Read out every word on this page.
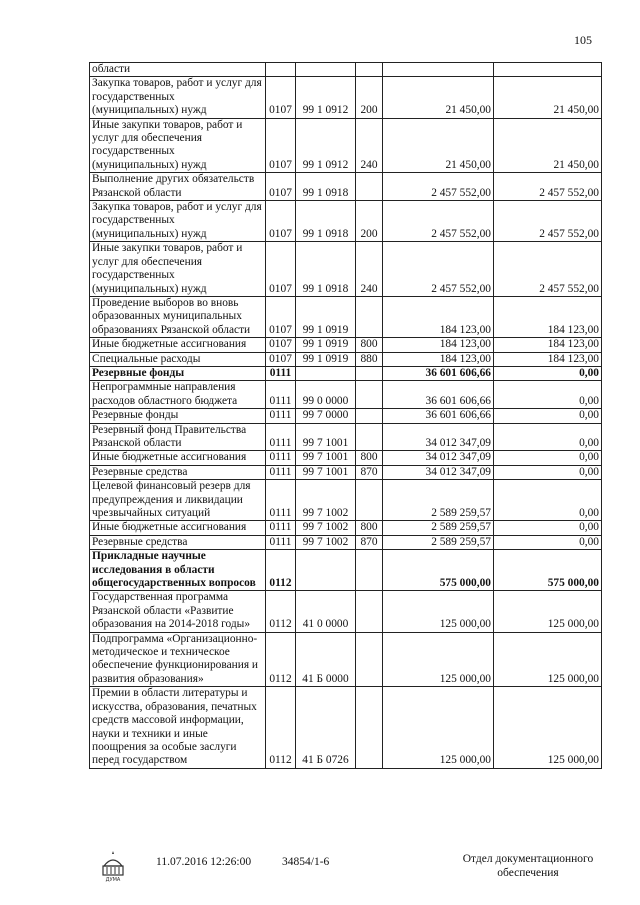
105
области					
Закупка товаров, работ и услуг для государственных (муниципальных) нужд	0107	99 1 0912	200	21 450,00	21 450,00
Иные закупки товаров, работ и услуг для обеспечения государственных (муниципальных) нужд	0107	99 1 0912	240	21 450,00	21 450,00
Выполнение других обязательств Рязанской области	0107	99 1 0918		2 457 552,00	2 457 552,00
Закупка товаров, работ и услуг для государственных (муниципальных) нужд	0107	99 1 0918	200	2 457 552,00	2 457 552,00
Иные закупки товаров, работ и услуг для обеспечения государственных (муниципальных) нужд	0107	99 1 0918	240	2 457 552,00	2 457 552,00
Проведение выборов во вновь образованных муниципальных образованиях Рязанской области	0107	99 1 0919		184 123,00	184 123,00
Иные бюджетные ассигнования	0107	99 1 0919	800	184 123,00	184 123,00
Специальные расходы	0107	99 1 0919	880	184 123,00	184 123,00
Резервные фонды	0111			36 601 606,66	0,00
Непрограммные направления расходов областного бюджета	0111	99 0 0000		36 601 606,66	0,00
Резервные фонды	0111	99 7 0000		36 601 606,66	0,00
Резервный фонд Правительства Рязанской области	0111	99 7 1001		34 012 347,09	0,00
Иные бюджетные ассигнования	0111	99 7 1001	800	34 012 347,09	0,00
Резервные средства	0111	99 7 1001	870	34 012 347,09	0,00
Целевой финансовый резерв для предупреждения и ликвидации чрезвычайных ситуаций	0111	99 7 1002		2 589 259,57	0,00
Иные бюджетные ассигнования	0111	99 7 1002	800	2 589 259,57	0,00
Резервные средства	0111	99 7 1002	870	2 589 259,57	0,00
Прикладные научные исследования в области общегосударственных вопросов	0112			575 000,00	575 000,00
Государственная программа Рязанской области «Развитие образования на 2014-2018 годы»	0112	41 0 0000		125 000,00	125 000,00
Подпрограмма «Организационно-методическое и техническое обеспечение функционирования и развития образования»	0112	41 Б 0000		125 000,00	125 000,00
Премии в области литературы и искусства, образования, печатных средств массовой информации, науки и техники и иные поощрения за особые заслуги перед государством	0112	41 Б 0726		125 000,00	125 000,00
ДУМА
11.07.2016 12:26:00	34854/1-6	Отдел документационного
обеспечения
